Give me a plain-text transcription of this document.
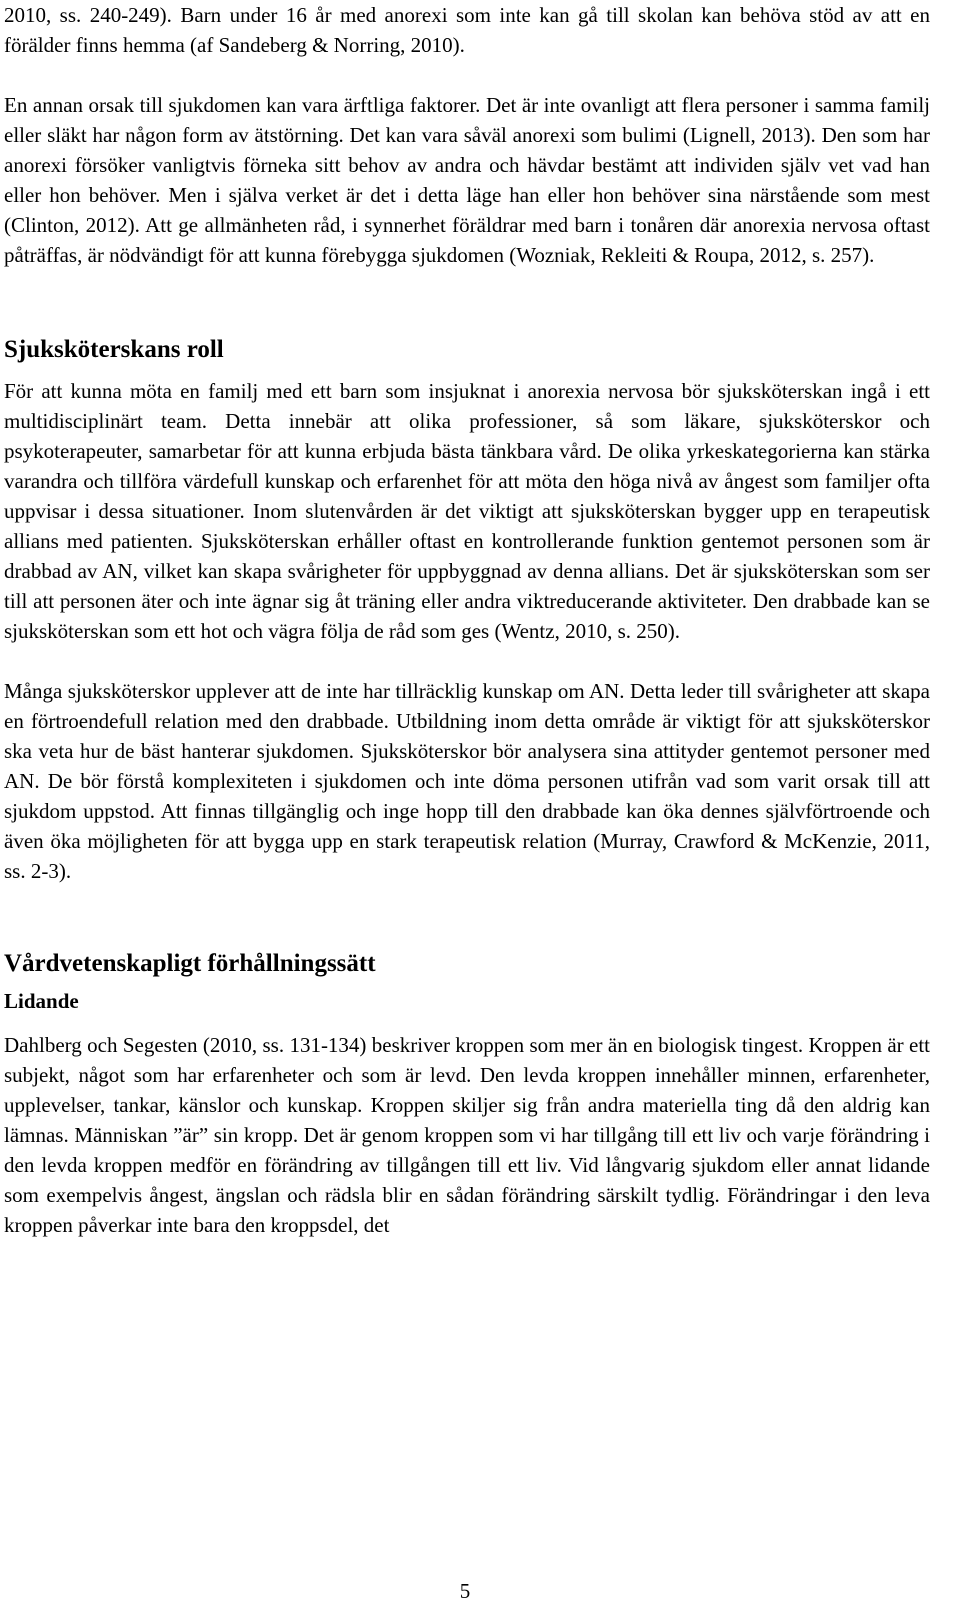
2010, ss. 240-249). Barn under 16 år med anorexi som inte kan gå till skolan kan behöva stöd av att en förälder finns hemma (af Sandeberg & Norring, 2010).

En annan orsak till sjukdomen kan vara ärftliga faktorer. Det är inte ovanligt att flera personer i samma familj eller släkt har någon form av ätstörning. Det kan vara såväl anorexi som bulimi (Lignell, 2013). Den som har anorexi försöker vanligtvis förneka sitt behov av andra och hävdar bestämt att individen själv vet vad han eller hon behöver. Men i själva verket är det i detta läge han eller hon behöver sina närstående som mest (Clinton, 2012). Att ge allmänheten råd, i synnerhet föräldrar med barn i tonåren där anorexia nervosa oftast påträffas, är nödvändigt för att kunna förebygga sjukdomen (Wozniak, Rekleiti & Roupa, 2012, s. 257).

Sjuksköterskans roll

För att kunna möta en familj med ett barn som insjuknat i anorexia nervosa bör sjuksköterskan ingå i ett multidisciplinärt team. Detta innebär att olika professioner, så som läkare, sjuksköterskor och psykoterapeuter, samarbetar för att kunna erbjuda bästa tänkbara vård. De olika yrkeskategorierna kan stärka varandra och tillföra värdefull kunskap och erfarenhet för att möta den höga nivå av ångest som familjer ofta uppvisar i dessa situationer. Inom slutenvården är det viktigt att sjuksköterskan bygger upp en terapeutisk allians med patienten. Sjuksköterskan erhåller oftast en kontrollerande funktion gentemot personen som är drabbad av AN, vilket kan skapa svårigheter för uppbyggnad av denna allians. Det är sjuksköterskan som ser till att personen äter och inte ägnar sig åt träning eller andra viktreducerande aktiviteter. Den drabbade kan se sjuksköterskan som ett hot och vägra följa de råd som ges (Wentz, 2010, s. 250).

Många sjuksköterskor upplever att de inte har tillräcklig kunskap om AN. Detta leder till svårigheter att skapa en förtroendefull relation med den drabbade. Utbildning inom detta område är viktigt för att sjuksköterskor ska veta hur de bäst hanterar sjukdomen. Sjuksköterskor bör analysera sina attityder gentemot personer med AN. De bör förstå komplexiteten i sjukdomen och inte döma personen utifrån vad som varit orsak till att sjukdom uppstod. Att finnas tillgänglig och inge hopp till den drabbade kan öka dennes självförtroende och även öka möjligheten för att bygga upp en stark terapeutisk relation (Murray, Crawford & McKenzie, 2011, ss. 2-3).

Vårdvetenskapligt förhållningssätt
Lidande

Dahlberg och Segesten (2010, ss. 131-134) beskriver kroppen som mer än en biologisk tingest. Kroppen är ett subjekt, något som har erfarenheter och som är levd. Den levda kroppen innehåller minnen, erfarenheter, upplevelser, tankar, känslor och kunskap. Kroppen skiljer sig från andra materiella ting då den aldrig kan lämnas. Människan ”är” sin kropp. Det är genom kroppen som vi har tillgång till ett liv och varje förändring i den levda kroppen medför en förändring av tillgången till ett liv. Vid långvarig sjukdom eller annat lidande som exempelvis ångest, ängslan och rädsla blir en sådan förändring särskilt tydlig. Förändringar i den leva kroppen påverkar inte bara den kroppsdel, det

5
